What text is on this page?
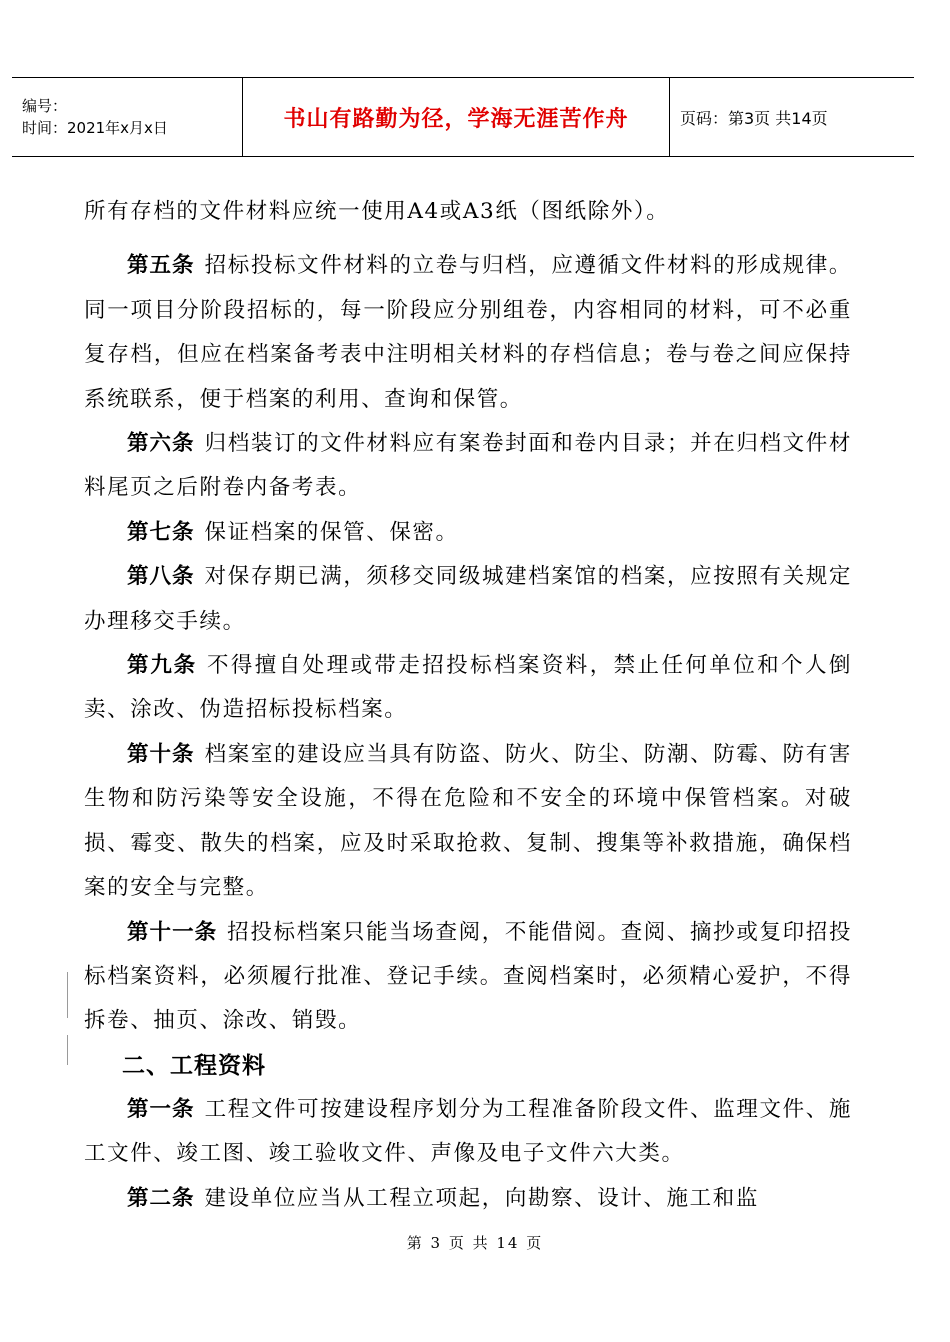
编号：
时间：2021年x月x日	书山有路勤为径，学海无涯苦作舟	页码：第3页 共14页

所有存档的文件材料应统一使用A4或A3纸（图纸除外）。

第五条 招标投标文件材料的立卷与归档，应遵循文件材料的形成规律。同一项目分阶段招标的，每一阶段应分别组卷，内容相同的材料，可不必重复存档，但应在档案备考表中注明相关材料的存档信息；卷与卷之间应保持系统联系，便于档案的利用、查询和保管。

第六条 归档装订的文件材料应有案卷封面和卷内目录；并在归档文件材料尾页之后附卷内备考表。

第七条 保证档案的保管、保密。

第八条 对保存期已满，须移交同级城建档案馆的档案，应按照有关规定办理移交手续。

第九条 不得擅自处理或带走招投标档案资料，禁止任何单位和个人倒卖、涂改、伪造招标投标档案。

第十条 档案室的建设应当具有防盗、防火、防尘、防潮、防霉、防有害生物和防污染等安全设施，不得在危险和不安全的环境中保管档案。对破损、霉变、散失的档案，应及时采取抢救、复制、搜集等补救措施，确保档案的安全与完整。

第十一条 招投标档案只能当场查阅，不能借阅。查阅、摘抄或复印招投标档案资料，必须履行批准、登记手续。查阅档案时，必须精心爱护，不得拆卷、抽页、涂改、销毁。

二、工程资料

第一条 工程文件可按建设程序划分为工程准备阶段文件、监理文件、施工文件、竣工图、竣工验收文件、声像及电子文件六大类。

第二条 建设单位应当从工程立项起，向勘察、设计、施工和监

第 3 页 共 14 页
